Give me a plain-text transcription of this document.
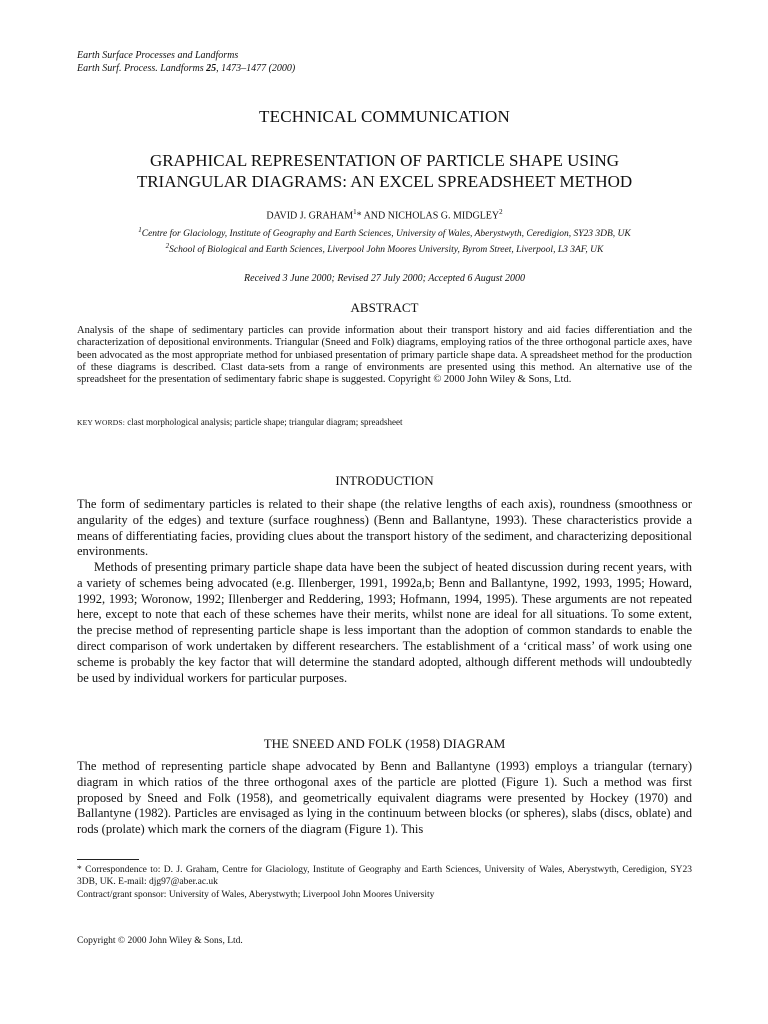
Earth Surface Processes and Landforms
Earth Surf. Process. Landforms 25, 1473–1477 (2000)
TECHNICAL COMMUNICATION
GRAPHICAL REPRESENTATION OF PARTICLE SHAPE USING
TRIANGULAR DIAGRAMS: AN EXCEL SPREADSHEET METHOD
DAVID J. GRAHAM$^1$* AND NICHOLAS G. MIDGLEY$^2$
$^1$Centre for Glaciology, Institute of Geography and Earth Sciences, University of Wales, Aberystwyth, Ceredigion, SY23 3DB, UK
$^2$School of Biological and Earth Sciences, Liverpool John Moores University, Byrom Street, Liverpool, L3 3AF, UK
Received 3 June 2000; Revised 27 July 2000; Accepted 6 August 2000
ABSTRACT
Analysis of the shape of sedimentary particles can provide information about their transport history and aid facies differentiation and the characterization of depositional environments. Triangular (Sneed and Folk) diagrams, employing ratios of the three orthogonal particle axes, have been advocated as the most appropriate method for unbiased presentation of primary particle shape data. A spreadsheet method for the production of these diagrams is described. Clast data-sets from a range of environments are presented using this method. An alternative use of the spreadsheet for the presentation of sedimentary fabric shape is suggested. Copyright © 2000 John Wiley & Sons, Ltd.
KEY WORDS: clast morphological analysis; particle shape; triangular diagram; spreadsheet
INTRODUCTION
The form of sedimentary particles is related to their shape (the relative lengths of each axis), roundness (smoothness or angularity of the edges) and texture (surface roughness) (Benn and Ballantyne, 1993). These characteristics provide a means of differentiating facies, providing clues about the transport history of the sediment, and characterizing depositional environments.
Methods of presenting primary particle shape data have been the subject of heated discussion during recent years, with a variety of schemes being advocated (e.g. Illenberger, 1991, 1992a,b; Benn and Ballantyne, 1992, 1993, 1995; Howard, 1992, 1993; Woronow, 1992; Illenberger and Reddering, 1993; Hofmann, 1994, 1995). These arguments are not repeated here, except to note that each of these schemes have their merits, whilst none are ideal for all situations. To some extent, the precise method of representing particle shape is less important than the adoption of common standards to enable the direct comparison of work undertaken by different researchers. The establishment of a ‘critical mass’ of work using one scheme is probably the key factor that will determine the standard adopted, although different methods will undoubtedly be used by individual workers for particular purposes.
THE SNEED AND FOLK (1958) DIAGRAM
The method of representing particle shape advocated by Benn and Ballantyne (1993) employs a triangular (ternary) diagram in which ratios of the three orthogonal axes of the particle are plotted (Figure 1). Such a method was first proposed by Sneed and Folk (1958), and geometrically equivalent diagrams were presented by Hockey (1970) and Ballantyne (1982). Particles are envisaged as lying in the continuum between blocks (or spheres), slabs (discs, oblate) and rods (prolate) which mark the corners of the diagram (Figure 1). This
* Correspondence to: D. J. Graham, Centre for Glaciology, Institute of Geography and Earth Sciences, University of Wales, Aberystwyth, Ceredigion, SY23 3DB, UK. E-mail: djg97@aber.ac.uk
Contract/grant sponsor: University of Wales, Aberystwyth; Liverpool John Moores University
Copyright © 2000 John Wiley & Sons, Ltd.
